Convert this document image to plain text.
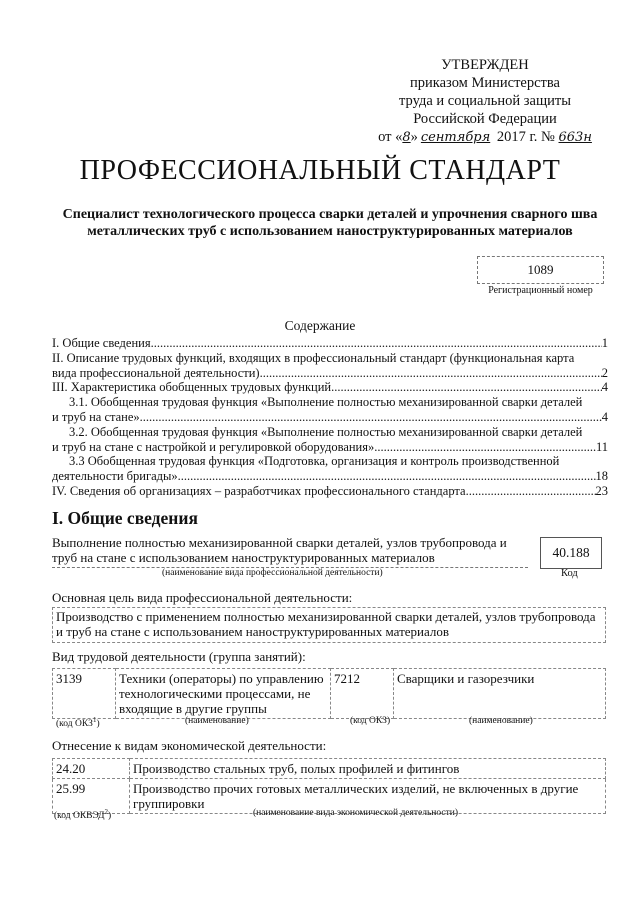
УТВЕРЖДЕН
приказом Министерства
труда и социальной защиты
Российской Федерации
от «8» сентября 2017 г. № 663н
ПРОФЕССИОНАЛЬНЫЙ СТАНДАРТ
Специалист технологического процесса сварки деталей и упрочнения сварного шва металлических труб с использованием наноструктурированных материалов
1089
Регистрационный номер
Содержание
I. Общие сведения .....	1
II. Описание трудовых функций, входящих в профессиональный стандарт (функциональная карта
вида профессиональной деятельности) .....	2
III. Характеристика обобщенных трудовых функций .....	4
3.1. Обобщенная трудовая функция «Выполнение полностью механизированной сварки деталей
и труб на стане» .....	4
3.2. Обобщенная трудовая функция «Выполнение полностью механизированной сварки деталей
и труб на стане с настройкой и регулировкой оборудования» .....	11
3.3 Обобщенная трудовая функция «Подготовка, организация и контроль производственной
деятельности бригады» .....	18
IV. Сведения об организациях – разработчиках профессионального стандарта .....	23
I. Общие сведения
Выполнение полностью механизированной сварки деталей, узлов трубопровода и труб на стане с использованием наноструктурированных материалов	40.188
(наименование вида профессиональной деятельности)	Код
Основная цель вида профессиональной деятельности:
Производство с применением полностью механизированной сварки деталей, узлов трубопровода и труб на стане с использованием наноструктурированных материалов
Вид трудовой деятельности (группа занятий):
3139	Техники (операторы) по управлению технологическими процессами, не входящие в другие группы	7212	Сварщики и газорезчики
(код ОКЗ$^1$)	(наименование)	(код ОКЗ)	(наименование)
Отнесение к видам экономической деятельности:
24.20	Производство стальных труб, полых профилей и фитингов
25.99	Производство прочих готовых металлических изделий, не включенных в другие группировки
(код ОКВЭД$^2$)	(наименование вида экономической деятельности)
